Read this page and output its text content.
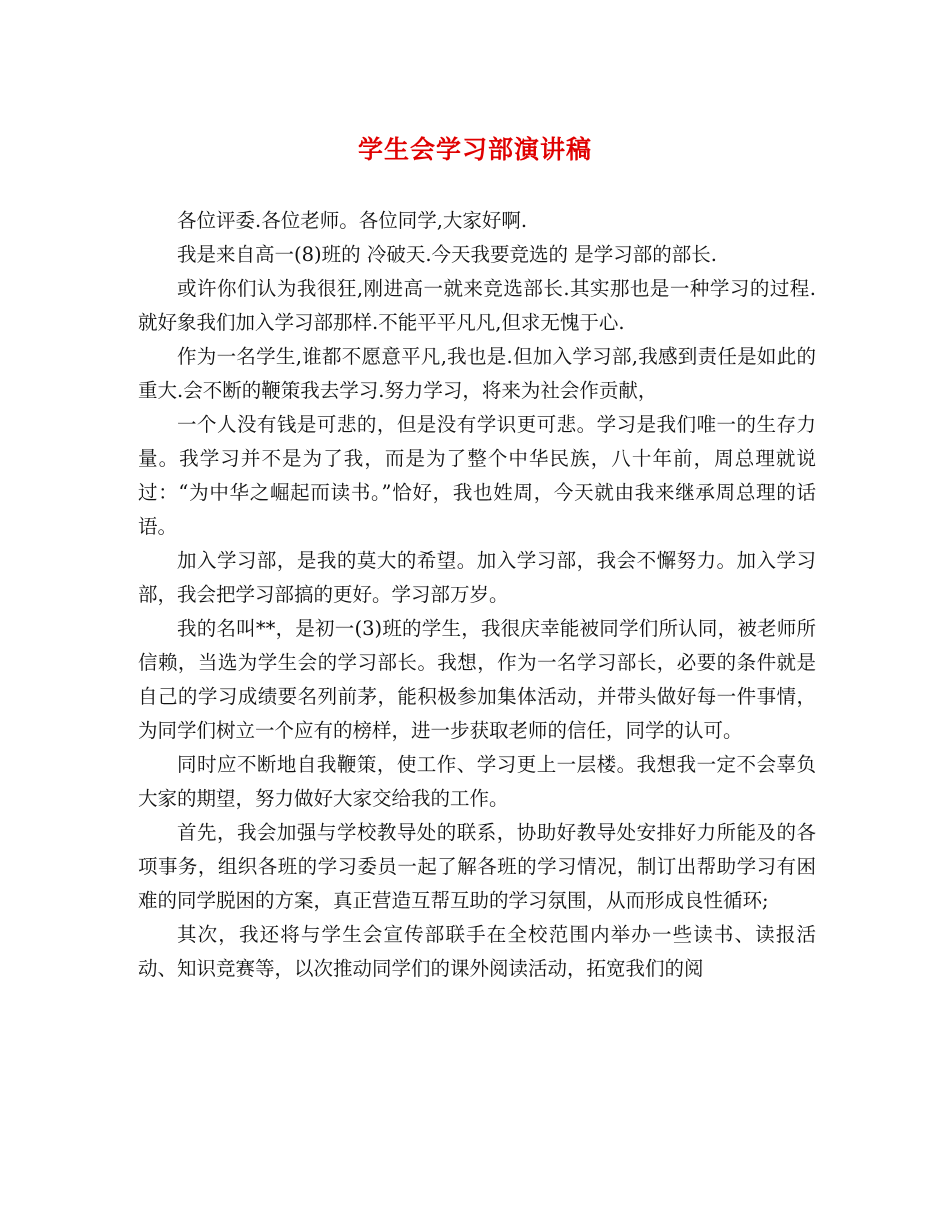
学生会学习部演讲稿

各位评委.各位老师。各位同学,大家好啊.

我是来自高一(8)班的 冷破天.今天我要竞选的 是学习部的部长.

或许你们认为我很狂,刚进高一就来竞选部长.其实那也是一种学习的过程.就好象我们加入学习部那样.不能平平凡凡,但求无愧于心.

作为一名学生,谁都不愿意平凡,我也是.但加入学习部,我感到责任是如此的重大.会不断的鞭策我去学习.努力学习，将来为社会作贡献，

一个人没有钱是可悲的，但是没有学识更可悲。学习是我们唯一的生存力量。我学习并不是为了我，而是为了整个中华民族，八十年前，周总理就说过：“为中华之崛起而读书。”恰好，我也姓周，今天就由我来继承周总理的话语。

加入学习部，是我的莫大的希望。加入学习部，我会不懈努力。加入学习部，我会把学习部搞的更好。学习部万岁。

我的名叫**，是初一(3)班的学生，我很庆幸能被同学们所认同，被老师所信赖，当选为学生会的学习部长。我想，作为一名学习部长，必要的条件就是自己的学习成绩要名列前茅，能积极参加集体活动，并带头做好每一件事情，为同学们树立一个应有的榜样，进一步获取老师的信任，同学的认可。

同时应不断地自我鞭策，使工作、学习更上一层楼。我想我一定不会辜负大家的期望，努力做好大家交给我的工作。

首先，我会加强与学校教导处的联系，协助好教导处安排好力所能及的各项事务，组织各班的学习委员一起了解各班的学习情况，制订出帮助学习有困难的同学脱困的方案，真正营造互帮互助的学习氛围，从而形成良性循环;

其次，我还将与学生会宣传部联手在全校范围内举办一些读书、读报活动、知识竞赛等，以次推动同学们的课外阅读活动，拓宽我们的阅
